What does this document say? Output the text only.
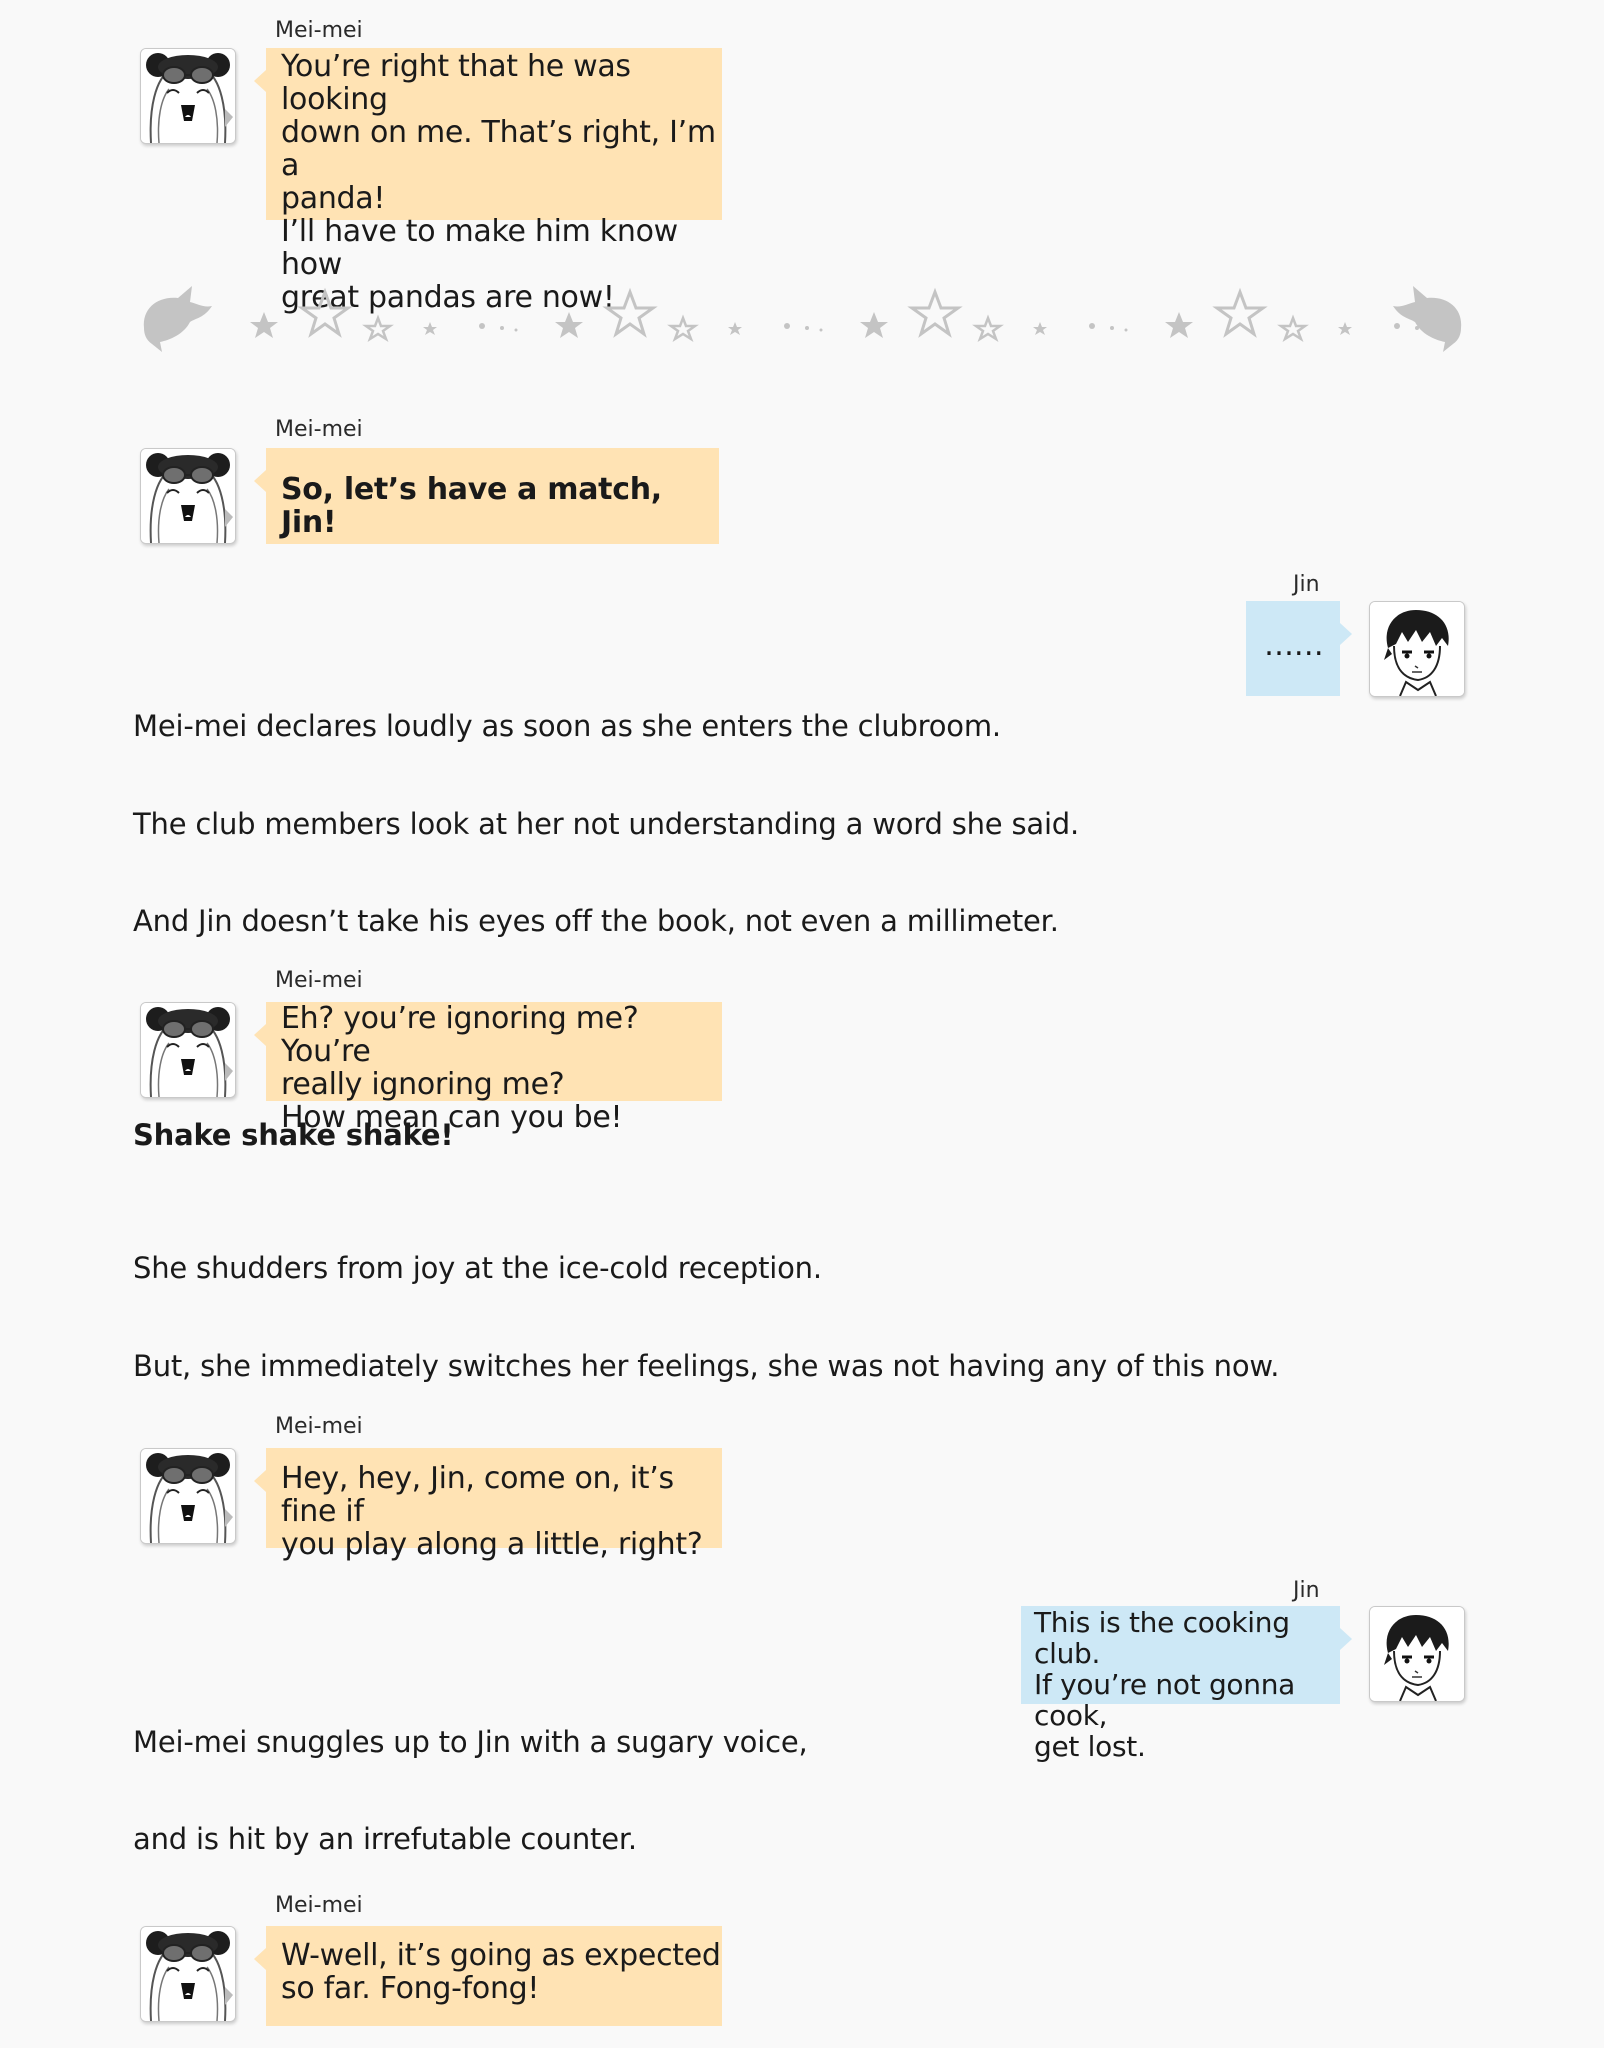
Mei-mei
You’re right that he was looking
down on me. That’s right, I’m a
panda!
I’ll have to make him know how
great pandas are now!
Mei-mei
So, let’s have a match, Jin!
Jin
……
Mei-mei declares loudly as soon as she enters the clubroom.
The club members look at her not understanding a word she said.
And Jin doesn’t take his eyes off the book, not even a millimeter.
Mei-mei
Eh? you’re ignoring me? You’re
really ignoring me?
How mean can you be!
Shake shake shake!
She shudders from joy at the ice-cold reception.
But, she immediately switches her feelings, she was not having any of this now.
Mei-mei
Hey, hey, Jin, come on, it’s fine if
you play along a little, right?
Jin
This is the cooking club.
If you’re not gonna cook,
get lost.
Mei-mei snuggles up to Jin with a sugary voice,
and is hit by an irrefutable counter.
Mei-mei
W-well, it’s going as expected
so far. Fong-fong!
